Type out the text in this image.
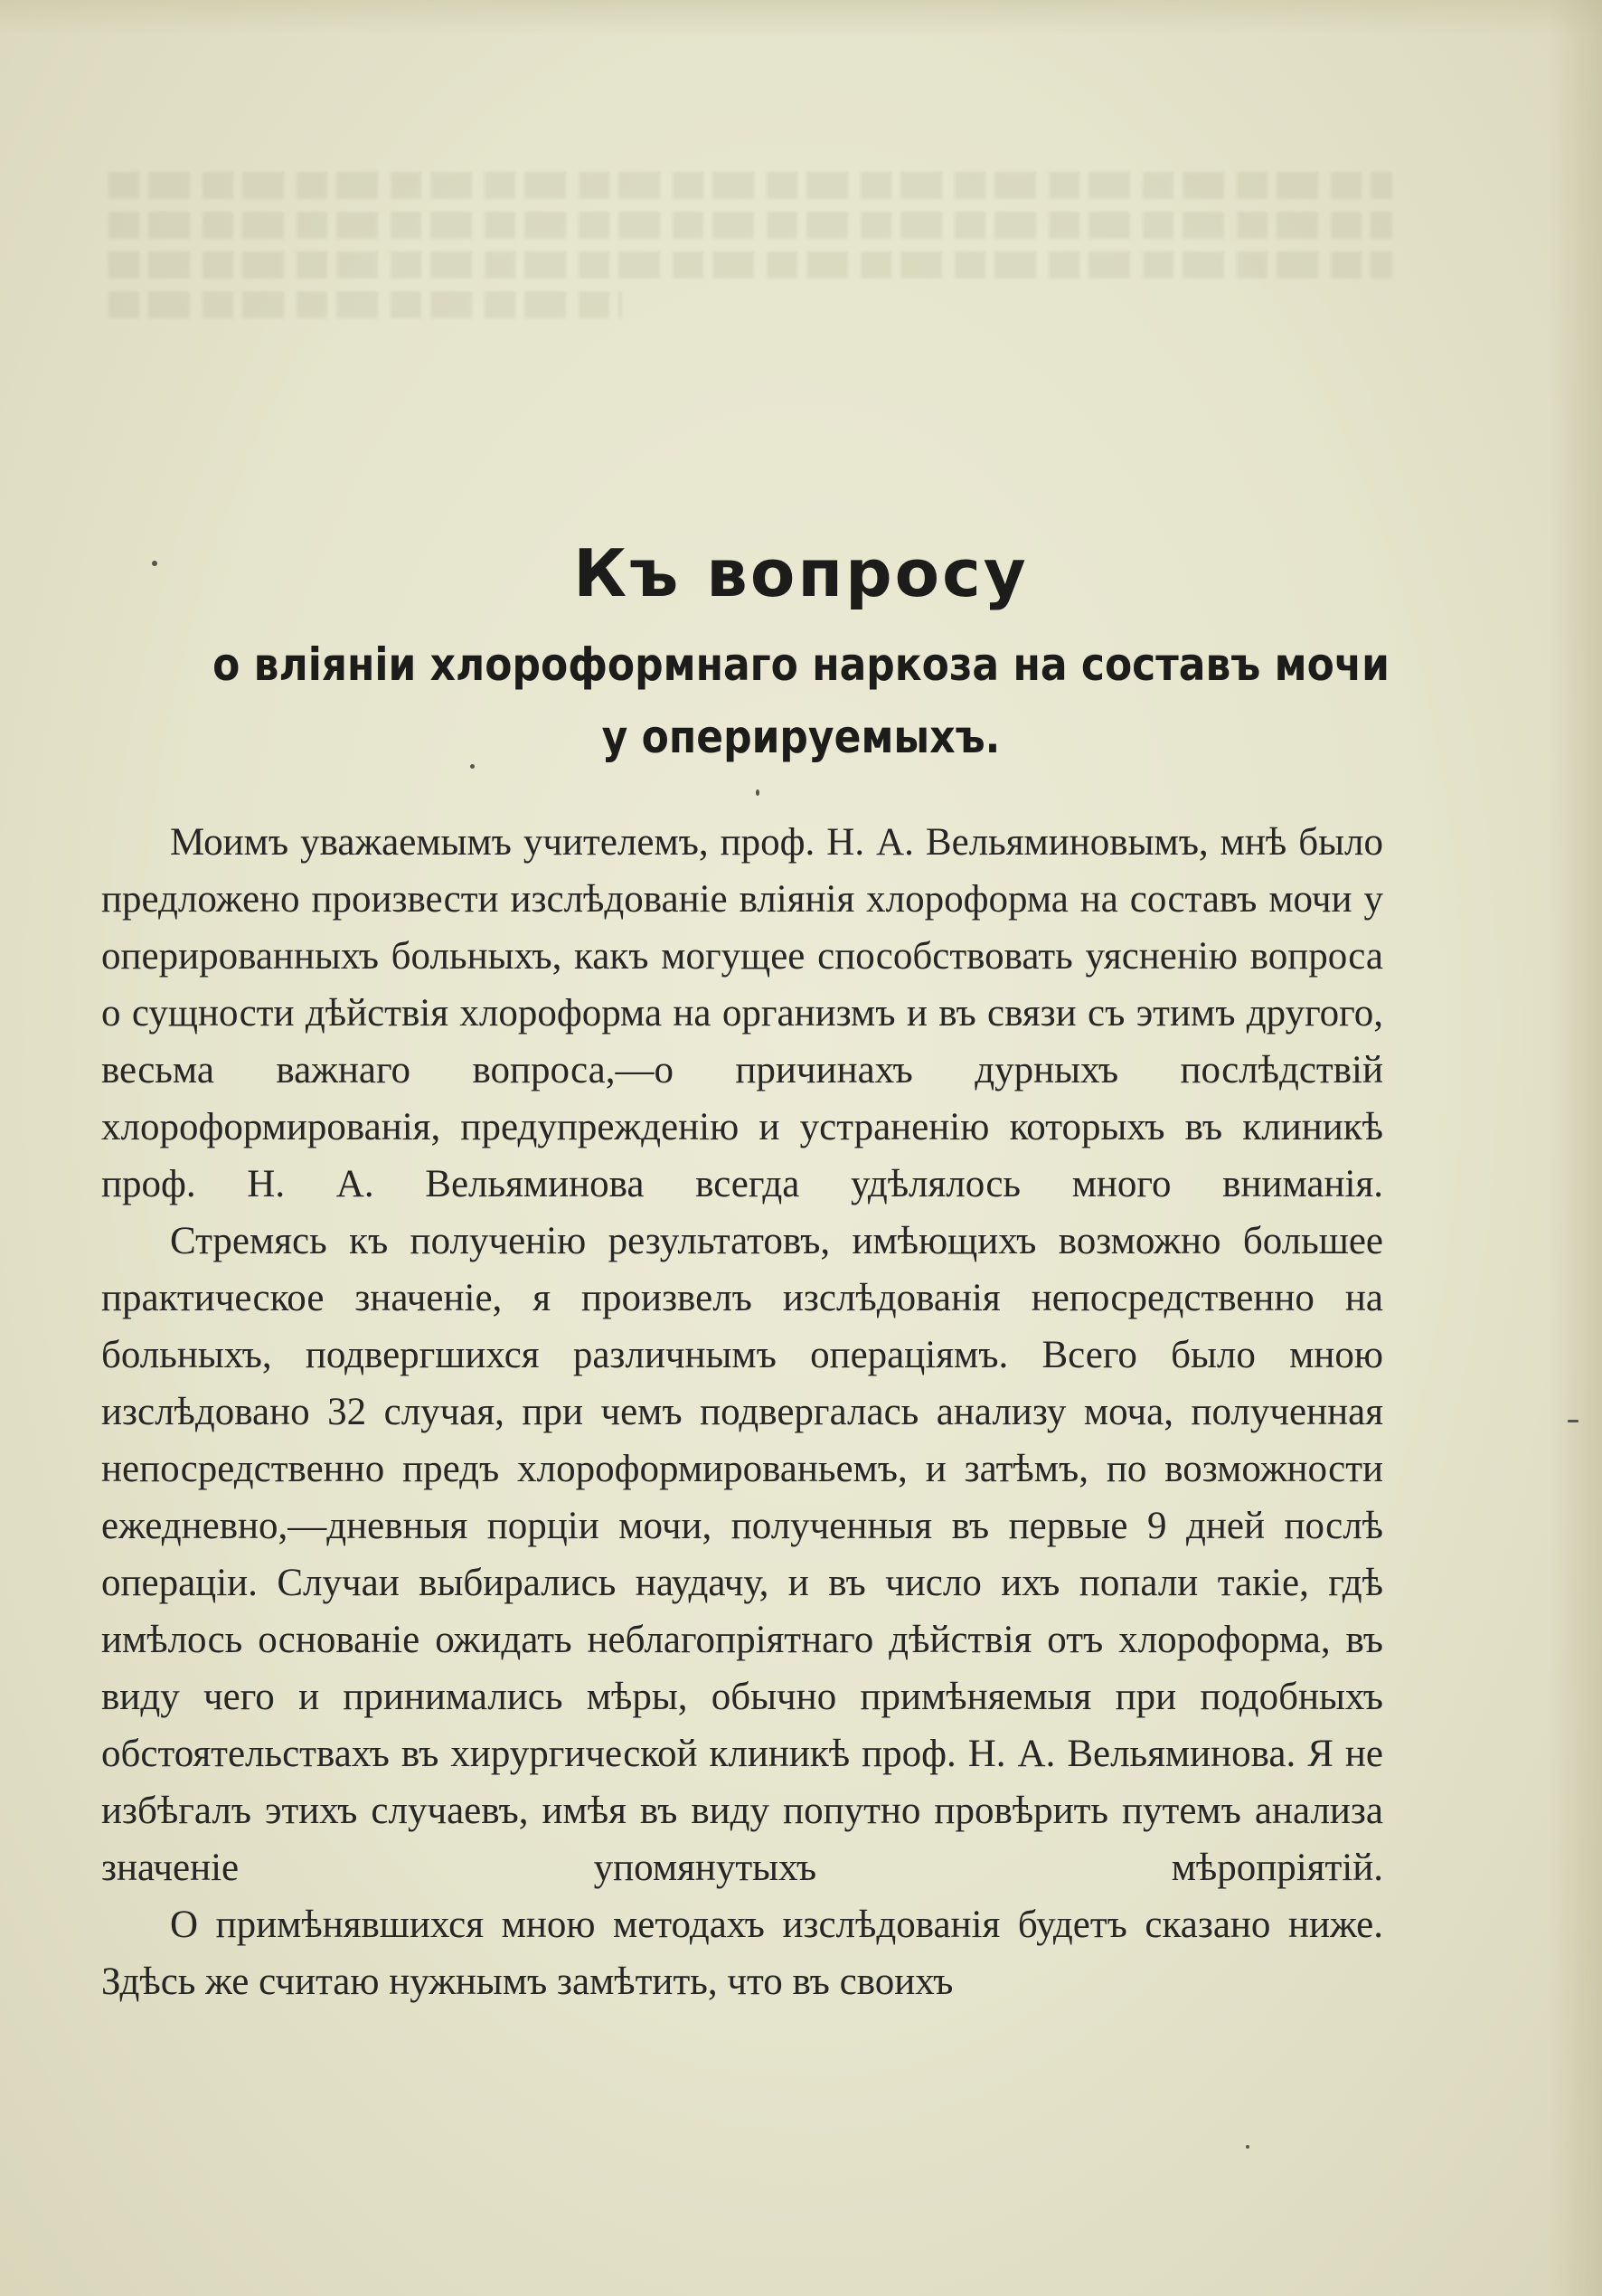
Къ вопросу
о вліяніи хлороформнаго наркоза на составъ мочи
у оперируемыхъ.

Моимъ уважаемымъ учителемъ, проф. Н. А. Вельяминовымъ, мнѣ было предложено произвести изслѣдованіе вліянія хлороформа на составъ мочи у оперированныхъ больныхъ, какъ могущее способствовать уясненію вопроса о сущности дѣйствія хлороформа на организмъ и въ связи съ этимъ другого, весьма важнаго вопроса,—о причинахъ дурныхъ послѣдствій хлороформированія, предупрежденію и устраненію которыхъ въ клиникѣ проф. Н. А. Вельяминова всегда удѣлялось много вниманія.

Стремясь къ полученію результатовъ, имѣющихъ возможно большее практическое значеніе, я произвелъ изслѣдованія непосредственно на больныхъ, подвергшихся различнымъ операціямъ. Всего было мною изслѣдовано 32 случая, при чемъ подвергалась анализу моча, полученная непосредственно предъ хлороформированьемъ, и затѣмъ, по возможности ежедневно,—дневныя порціи мочи, полученныя въ первые 9 дней послѣ операціи. Случаи выбирались наудачу, и въ число ихъ попали такіе, гдѣ имѣлось основаніе ожидать неблагопріятнаго дѣйствія отъ хлороформа, въ виду чего и принимались мѣры, обычно примѣняемыя при подобныхъ обстоятельствахъ въ хирургической клиникѣ проф. Н. А. Вельяминова. Я не избѣгалъ этихъ случаевъ, имѣя въ виду попутно провѣрить путемъ анализа значеніе упомянутыхъ мѣропріятій.

О примѣнявшихся мною методахъ изслѣдованія будетъ сказано ниже. Здѣсь же считаю нужнымъ замѣтить, что въ своихъ
